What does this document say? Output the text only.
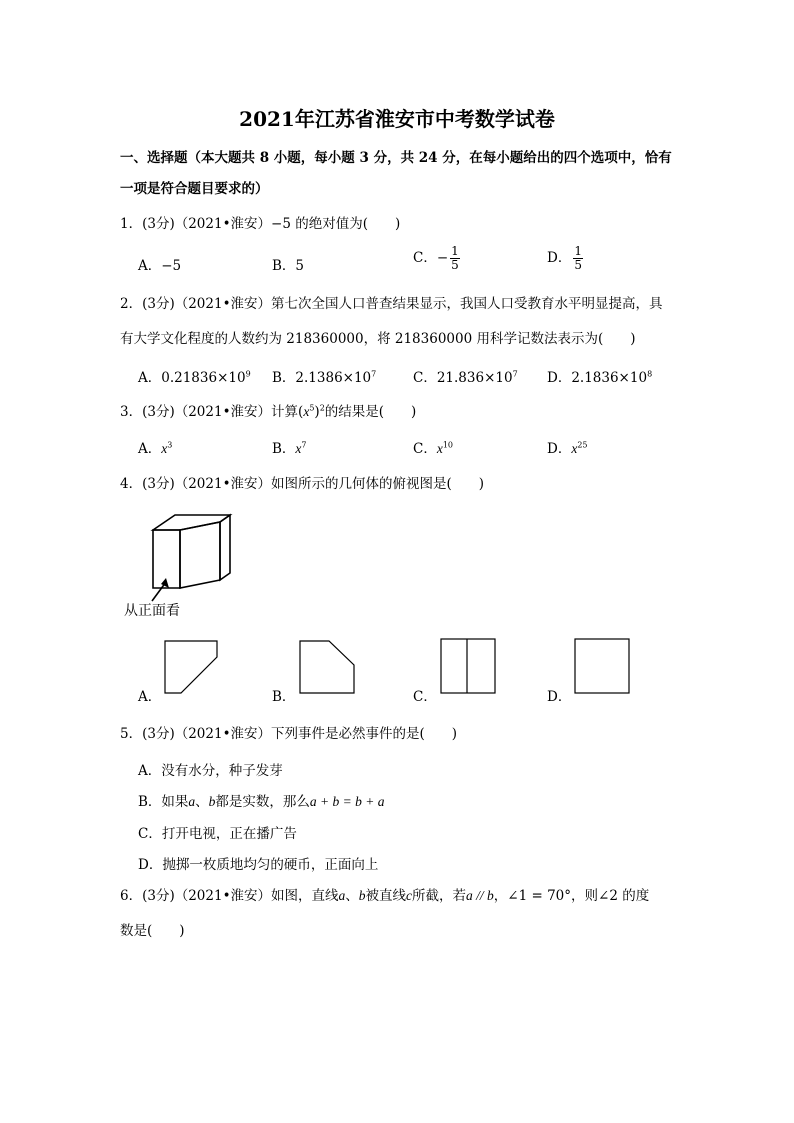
2021年江苏省淮安市中考数学试卷
一、选择题（本大题共 8 小题，每小题 3 分，共 24 分，在每小题给出的四个选项中，恰有
一项是符合题目要求的）
1．(3分)（2021•淮安）−5 的绝对值为(　　)
A．−5	B．5	C．− $\frac{1}{5}$	D． $\frac{1}{5}$
2．(3分)（2021•淮安）第七次全国人口普查结果显示，我国人口受教育水平明显提高，具
有大学文化程度的人数约为 218360000，将 218360000 用科学记数法表示为(　　)
A．$0.21836\times 10^9$ B．$2.1386\times 10^7$	C．$21.836\times 10^7$ D．$2.1836\times 10^8$
3．(3分)（2021•淮安）计算$(x^5)^2$的结果是(　　)
A．$x^3$	B．$x^7$	C．$x^{10}$	D．$x^{25}$
4．(3分)（2021•淮安）如图所示的几何体的俯视图是(　　)
从正面看
A．	B．	C．	D．
5．(3分)（2021•淮安）下列事件是必然事件的是(　　)
A．没有水分，种子发芽
B．如果a、b都是实数，那么a + b = b + a
C．打开电视，正在播广告
D．抛掷一枚质地均匀的硬币，正面向上
6．(3分)（2021•淮安）如图，直线a、b被直线c所截，若a // b，∠1 = 70°，则∠2 的度
数是(　　)
